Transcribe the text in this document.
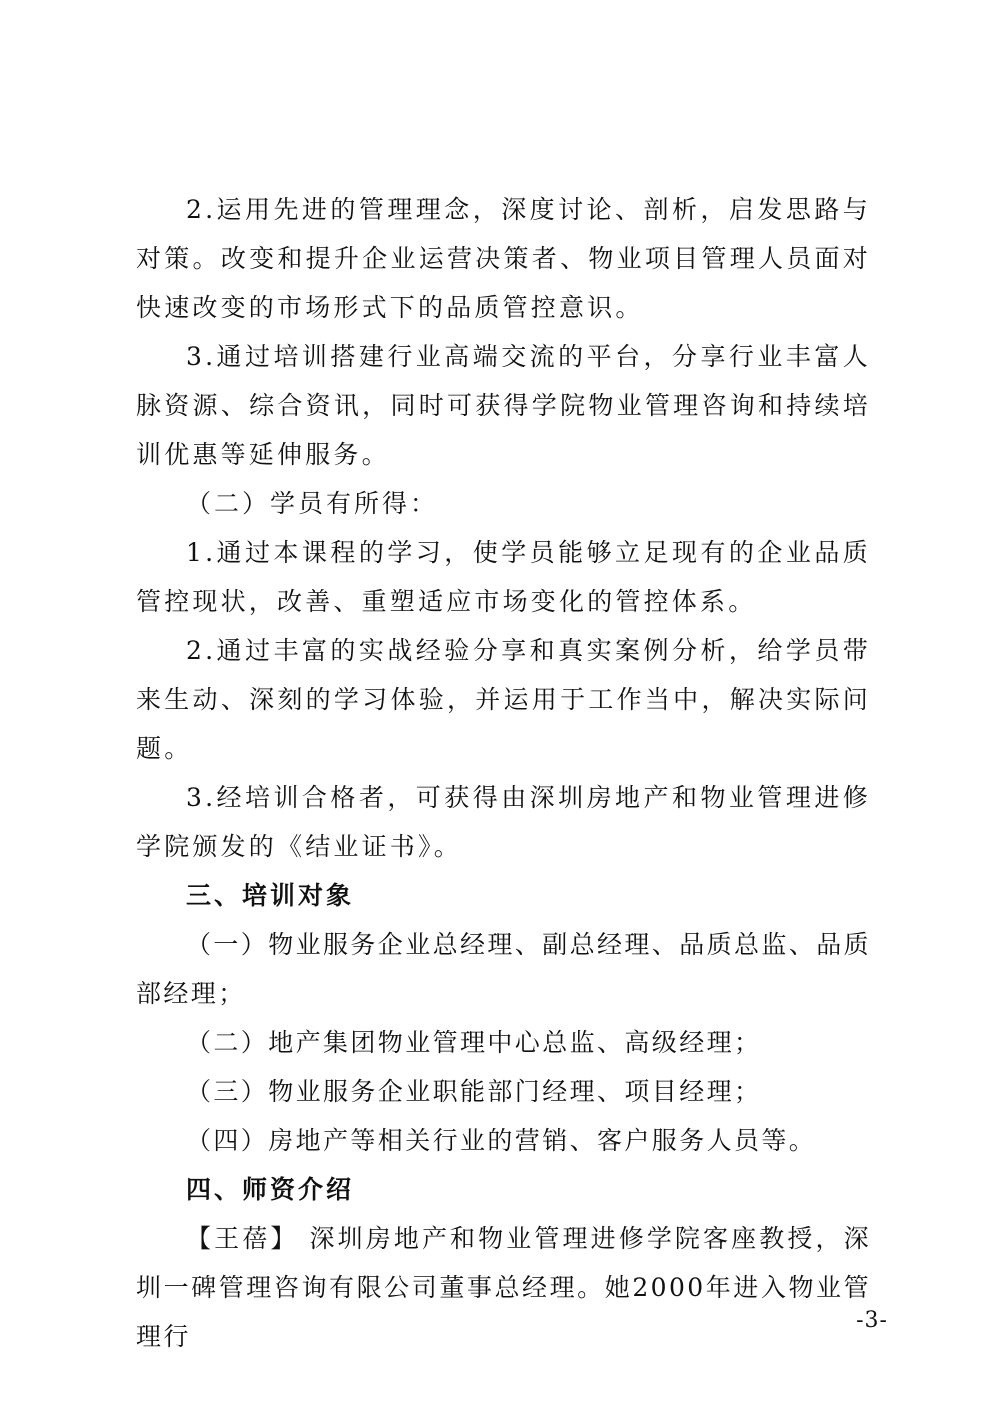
2.运用先进的管理理念，深度讨论、剖析，启发思路与对策。改变和提升企业运营决策者、物业项目管理人员面对快速改变的市场形式下的品质管控意识。

3.通过培训搭建行业高端交流的平台，分享行业丰富人脉资源、综合资讯，同时可获得学院物业管理咨询和持续培训优惠等延伸服务。

（二）学员有所得：

1.通过本课程的学习，使学员能够立足现有的企业品质管控现状，改善、重塑适应市场变化的管控体系。

2.通过丰富的实战经验分享和真实案例分析，给学员带来生动、深刻的学习体验，并运用于工作当中，解决实际问题。

3.经培训合格者，可获得由深圳房地产和物业管理进修学院颁发的《结业证书》。

三、培训对象

（一）物业服务企业总经理、副总经理、品质总监、品质部经理；

（二）地产集团物业管理中心总监、高级经理；

（三）物业服务企业职能部门经理、项目经理；

（四）房地产等相关行业的营销、客户服务人员等。

四、师资介绍

【王蓓】 深圳房地产和物业管理进修学院客座教授，深圳一碑管理咨询有限公司董事总经理。她2000年进入物业管理行

-3-
